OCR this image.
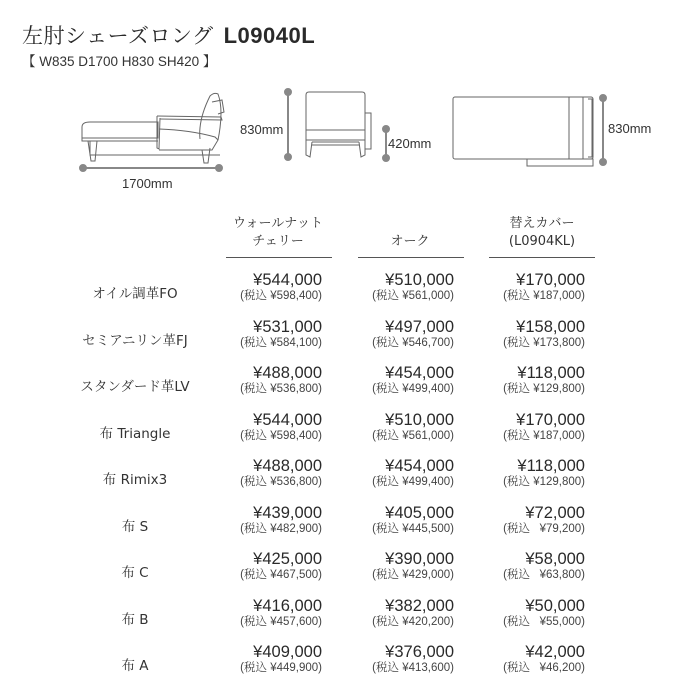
左肘シェーズロング L09040L
【 W835 D1700 H830 SH420 】
1700mm
830mm
420mm
830mm
ウォールナット
チェリー	オーク
替えカバー
(L0904KL)
オイル調革FO
¥544,000
(税込 ¥598,400)
¥510,000
(税込 ¥561,000)
¥170,000
(税込 ¥187,000)
セミアニリン革FJ
¥531,000
(税込 ¥584,100)
¥497,000
(税込 ¥546,700)
¥158,000
(税込 ¥173,800)
スタンダード革LV
¥488,000
(税込 ¥536,800)
¥454,000
(税込 ¥499,400)
¥118,000
(税込 ¥129,800)
布 Triangle
¥544,000
(税込 ¥598,400)
¥510,000
(税込 ¥561,000)
¥170,000
(税込 ¥187,000)
布 Rimix3
¥488,000
(税込 ¥536,800)
¥454,000
(税込 ¥499,400)
¥118,000
(税込 ¥129,800)
布 S
¥439,000
(税込 ¥482,900)
¥405,000
(税込 ¥445,500)
¥72,000
(税込   ¥79,200)
布 C
¥425,000
(税込 ¥467,500)
¥390,000
(税込 ¥429,000)
¥58,000
(税込   ¥63,800)
布 B
¥416,000
(税込 ¥457,600)
¥382,000
(税込 ¥420,200)
¥50,000
(税込   ¥55,000)
布 A
¥409,000
(税込 ¥449,900)
¥376,000
(税込 ¥413,600)
¥42,000
(税込   ¥46,200)
